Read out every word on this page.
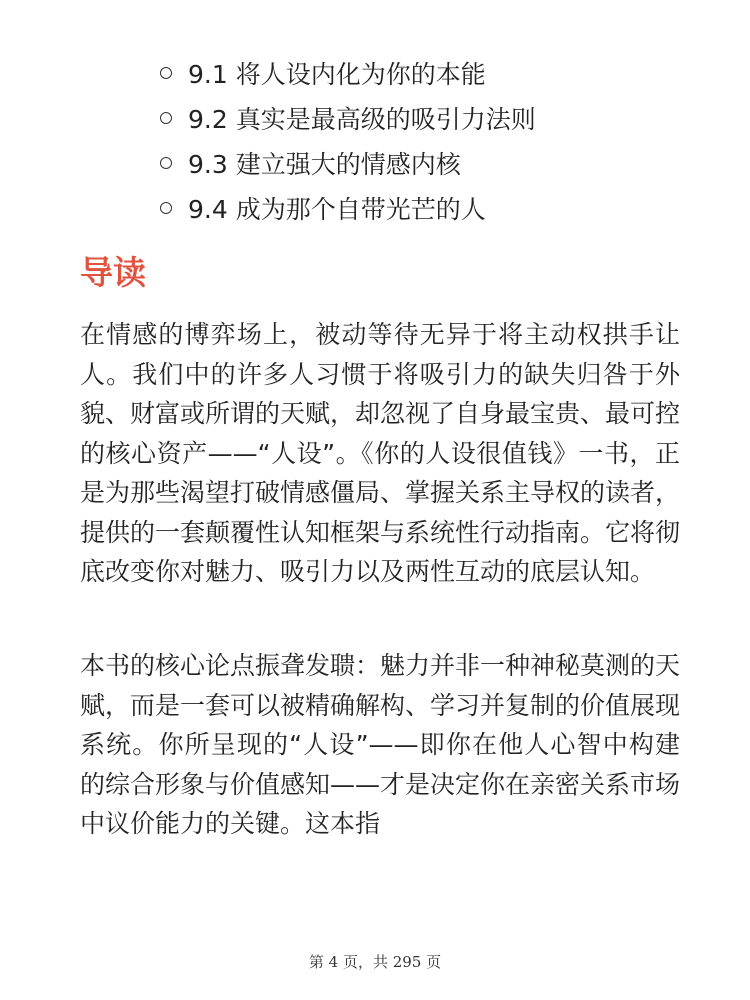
9.1 将人设内化为你的本能
9.2 真实是最高级的吸引力法则
9.3 建立强大的情感内核
9.4 成为那个自带光芒的人
导读

在情感的博弈场上，被动等待无异于将主动权拱手让人。我们中的许多人习惯于将吸引力的缺失归咎于外貌、财富或所谓的天赋，却忽视了自身最宝贵、最可控的核心资产——“人设”。《你的人设很值钱》一书，正是为那些渴望打破情感僵局、掌握关系主导权的读者，提供的一套颠覆性认知框架与系统性行动指南。它将彻底改变你对魅力、吸引力以及两性互动的底层认知。

本书的核心论点振聋发聩：魅力并非一种神秘莫测的天赋，而是一套可以被精确解构、学习并复制的价值展现系统。你所呈现的“人设”——即你在他人心智中构建的综合形象与价值感知——才是决定你在亲密关系市场中议价能力的关键。这本指

第 4 页，共 295 页
